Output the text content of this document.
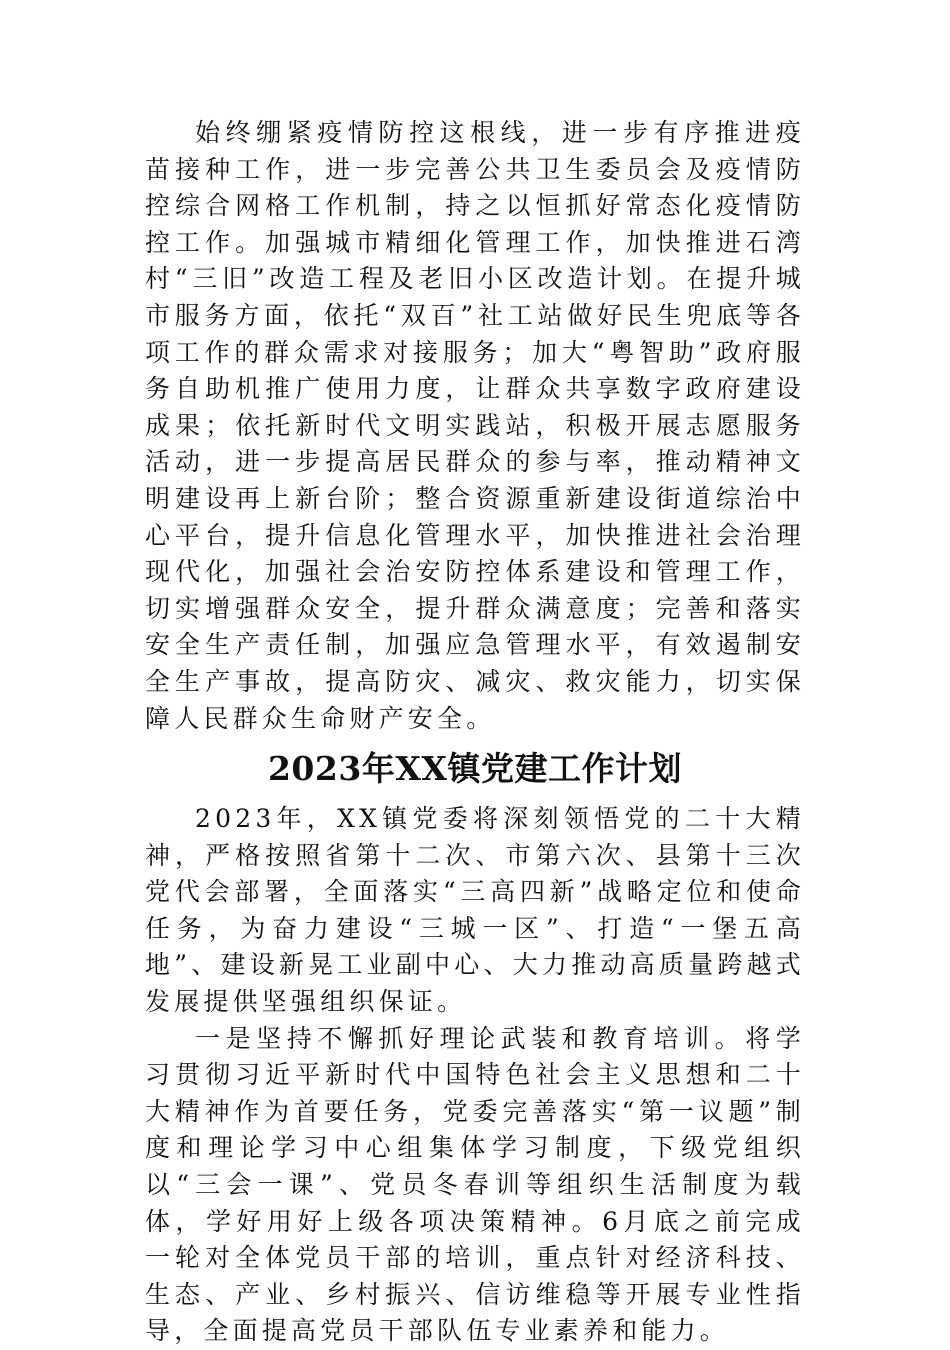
始终绷紧疫情防控这根线，进一步有序推进疫苗接种工作，进一步完善公共卫生委员会及疫情防控综合网格工作机制，持之以恒抓好常态化疫情防控工作。加强城市精细化管理工作，加快推进石湾村“三旧”改造工程及老旧小区改造计划。在提升城市服务方面，依托“双百”社工站做好民生兜底等各项工作的群众需求对接服务；加大“粤智助”政府服务自助机推广使用力度，让群众共享数字政府建设成果；依托新时代文明实践站，积极开展志愿服务活动，进一步提高居民群众的参与率，推动精神文明建设再上新台阶；整合资源重新建设街道综治中心平台，提升信息化管理水平，加快推进社会治理现代化，加强社会治安防控体系建设和管理工作，切实增强群众安全，提升群众满意度；完善和落实安全生产责任制，加强应急管理水平，有效遏制安全生产事故，提高防灾、减灾、救灾能力，切实保障人民群众生命财产安全。

2023年XX镇党建工作计划

2023年，XX镇党委将深刻领悟党的二十大精神，严格按照省第十二次、市第六次、县第十三次党代会部署，全面落实“三高四新”战略定位和使命任务，为奋力建设“三城一区”、打造“一堡五高地”、建设新晃工业副中心、大力推动高质量跨越式发展提供坚强组织保证。

一是坚持不懈抓好理论武装和教育培训。将学习贯彻习近平新时代中国特色社会主义思想和二十大精神作为首要任务，党委完善落实“第一议题”制度和理论学习中心组集体学习制度，下级党组织以“三会一课”、党员冬春训等组织生活制度为载体，学好用好上级各项决策精神。6月底之前完成一轮对全体党员干部的培训，重点针对经济科技、生态、产业、乡村振兴、信访维稳等开展专业性指导，全面提高党员干部队伍专业素养和能力。
